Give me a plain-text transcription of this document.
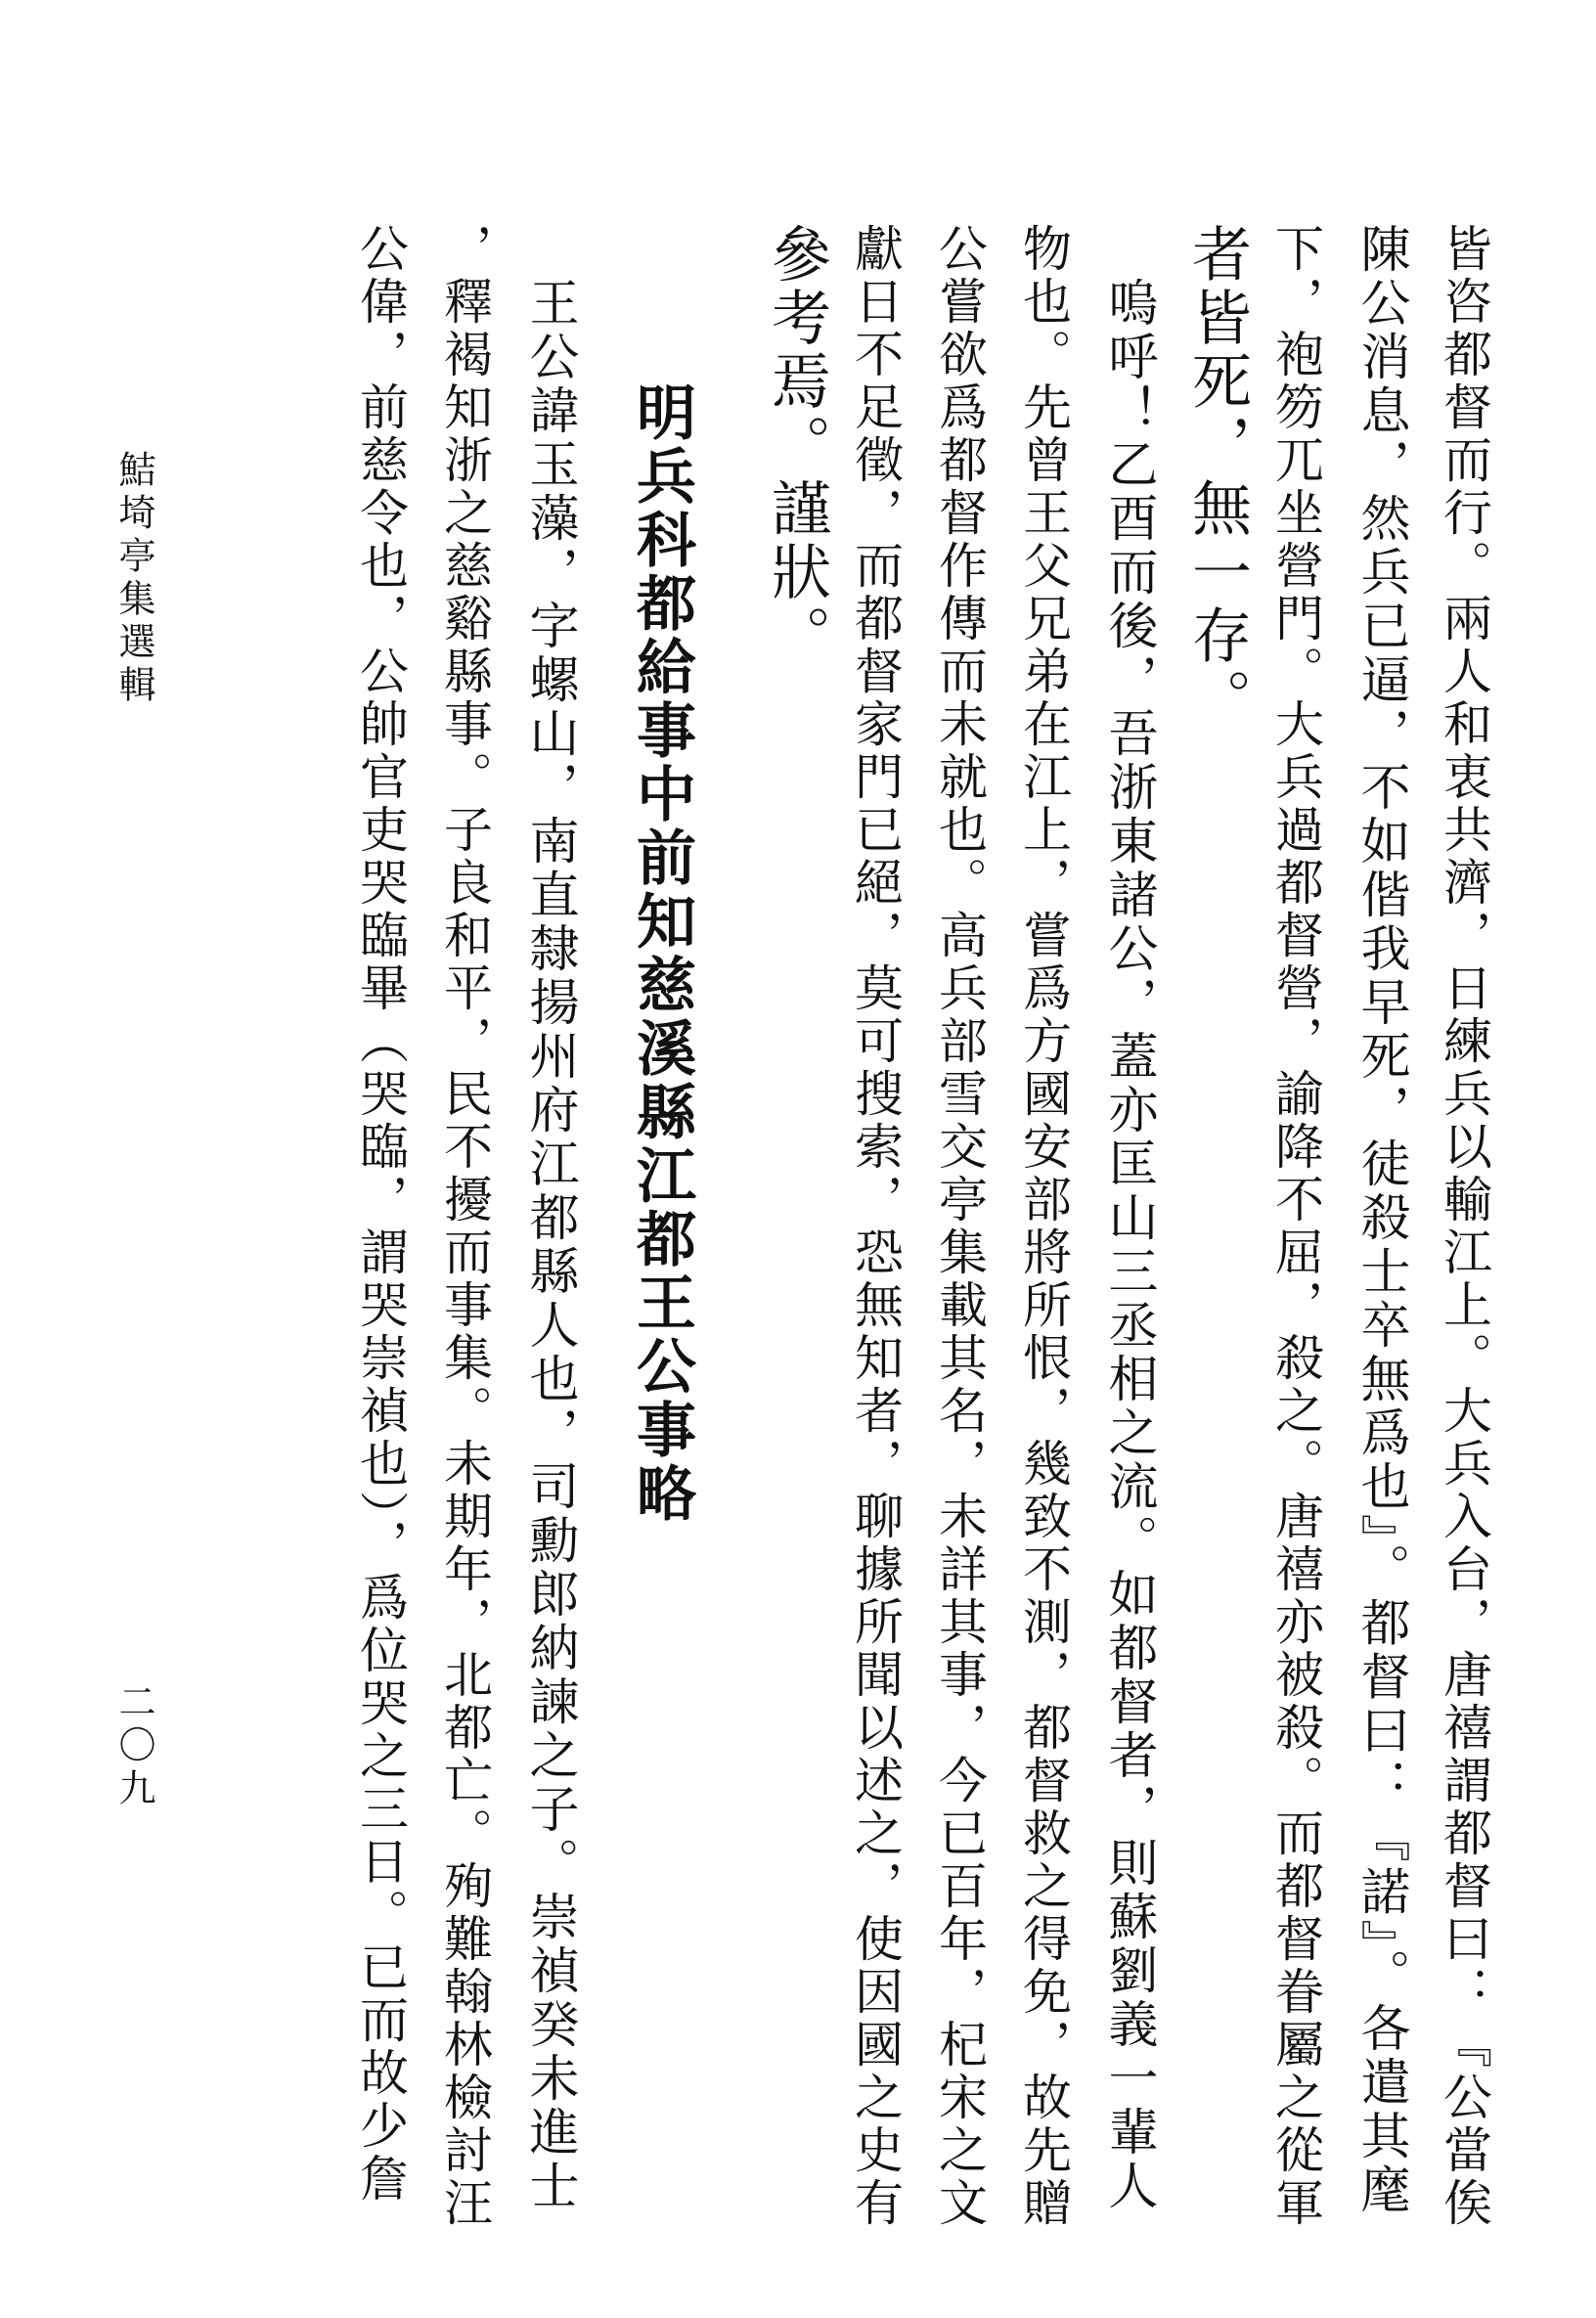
皆咨都督而行。兩人和衷共濟，日練兵以輸江上。大兵入台，唐禧謂都督曰：『公當俟
陳公消息，然兵已逼，不如偕我早死，徒殺士卒無爲也』。都督曰：『諾』。各遣其麾
下，袍笏兀坐營門。大兵過都督營，諭降不屈，殺之。唐禧亦被殺。而都督眷屬之從軍
者皆死，無一存。
　嗚呼！乙酉而後，吾浙東諸公，蓋亦匡山三丞相之流。如都督者，則蘇劉義一輩人
物也。先曾王父兄弟在江上，嘗爲方國安部將所恨，幾致不測，都督救之得免，故先贈
公嘗欲爲都督作傳而未就也。高兵部雪交亭集載其名，未詳其事，今已百年，杞宋之文
獻日不足徵，而都督家門已絕，莫可搜索，恐無知者，聊據所聞以述之，使因國之史有
參考焉。謹狀。
明兵科都給事中前知慈溪縣江都王公事略
　王公諱玉藻，字螺山，南直隸揚州府江都縣人也，司勳郎納諫之子。崇禎癸未進士
，釋褐知浙之慈谿縣事。子良和平，民不擾而事集。未期年，北都亡。殉難翰林檢討汪
公偉，前慈令也，公帥官吏哭臨畢（哭臨，謂哭崇禎也），爲位哭之三日。已而故少詹
鮚埼亭集選輯
二〇九
